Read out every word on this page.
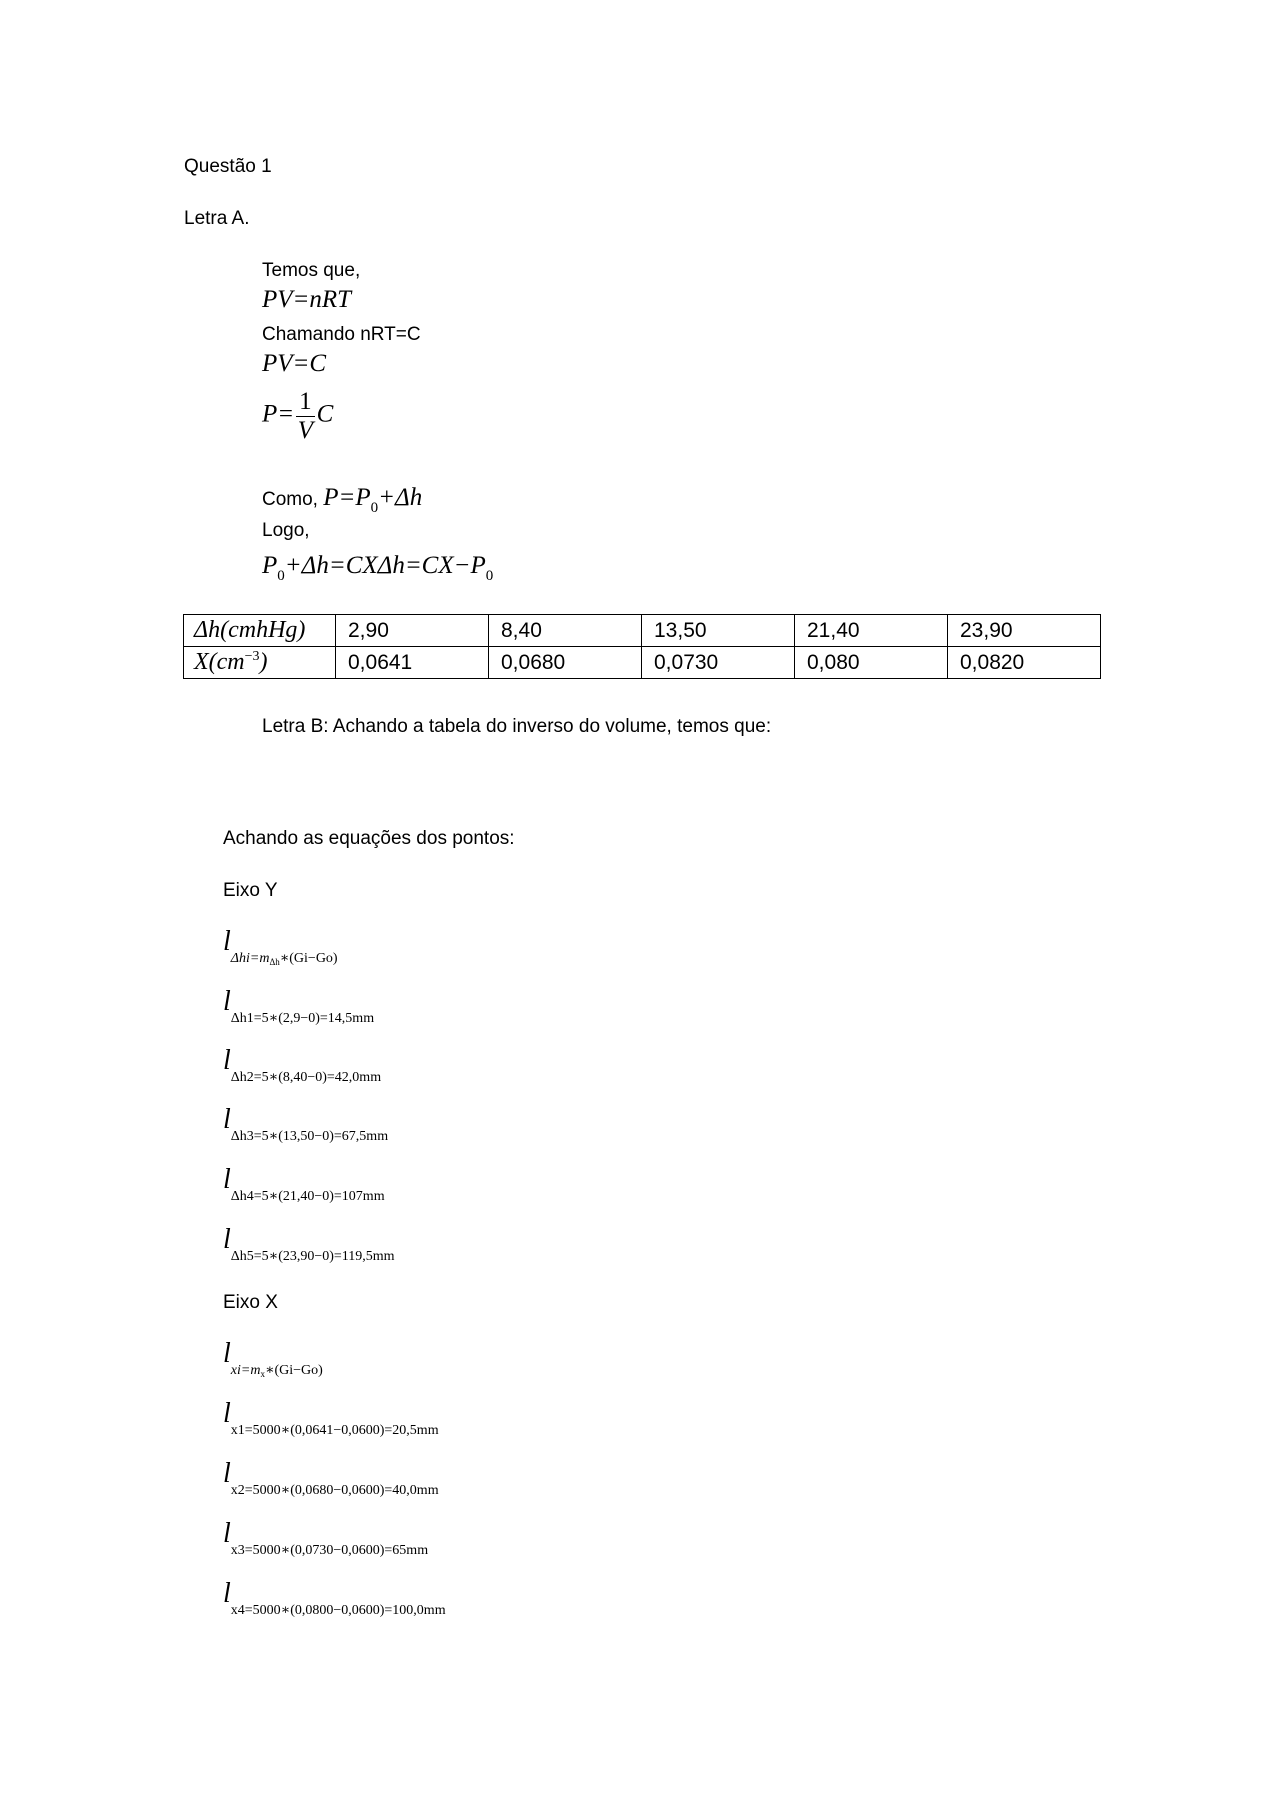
Questão 1
Letra A.
Temos que,
PV=nRT
Chamando nRT=C
PV=C
$P= \frac{1}{V}$ C
Como, $P=P_0+\Delta h$
Logo,
$P_0+\Delta h=CX\Delta h=CX-P_0$
Δh(cmhHg)	2,90	8,40	13,50	21,40	23,90
$X(cm^{-3})$	0,0641	0,0680	0,0730	0,080	0,0820
Letra B: Achando a tabela do inverso do volume, temos que:
Achando as equações dos pontos:
Eixo Y
$l_{\Delta hi=m_{\Delta h}∗(Gi-Go)}$
$l_{\Delta h1=5∗(2,9-0)=14,5mm}$
$l_{\Delta h2=5∗(8,40-0)=42,0mm}$
$l_{\Delta h3=5∗(13,50-0)=67,5mm}$
$l_{\Delta h4=5∗(21,40-0)=107mm}$
$l_{\Delta h5=5∗(23,90-0)=119,5mm}$
Eixo X
$l_{xi=m_x∗(Gi-Go)}$
$l_{x1=5000∗(0,0641-0,0600)=20,5mm}$
$l_{x2=5000∗(0,0680-0,0600)=40,0mm}$
$l_{x3=5000∗(0,0730-0,0600)=65mm}$
$l_{x4=5000∗(0,0800-0,0600)=100,0mm}$
